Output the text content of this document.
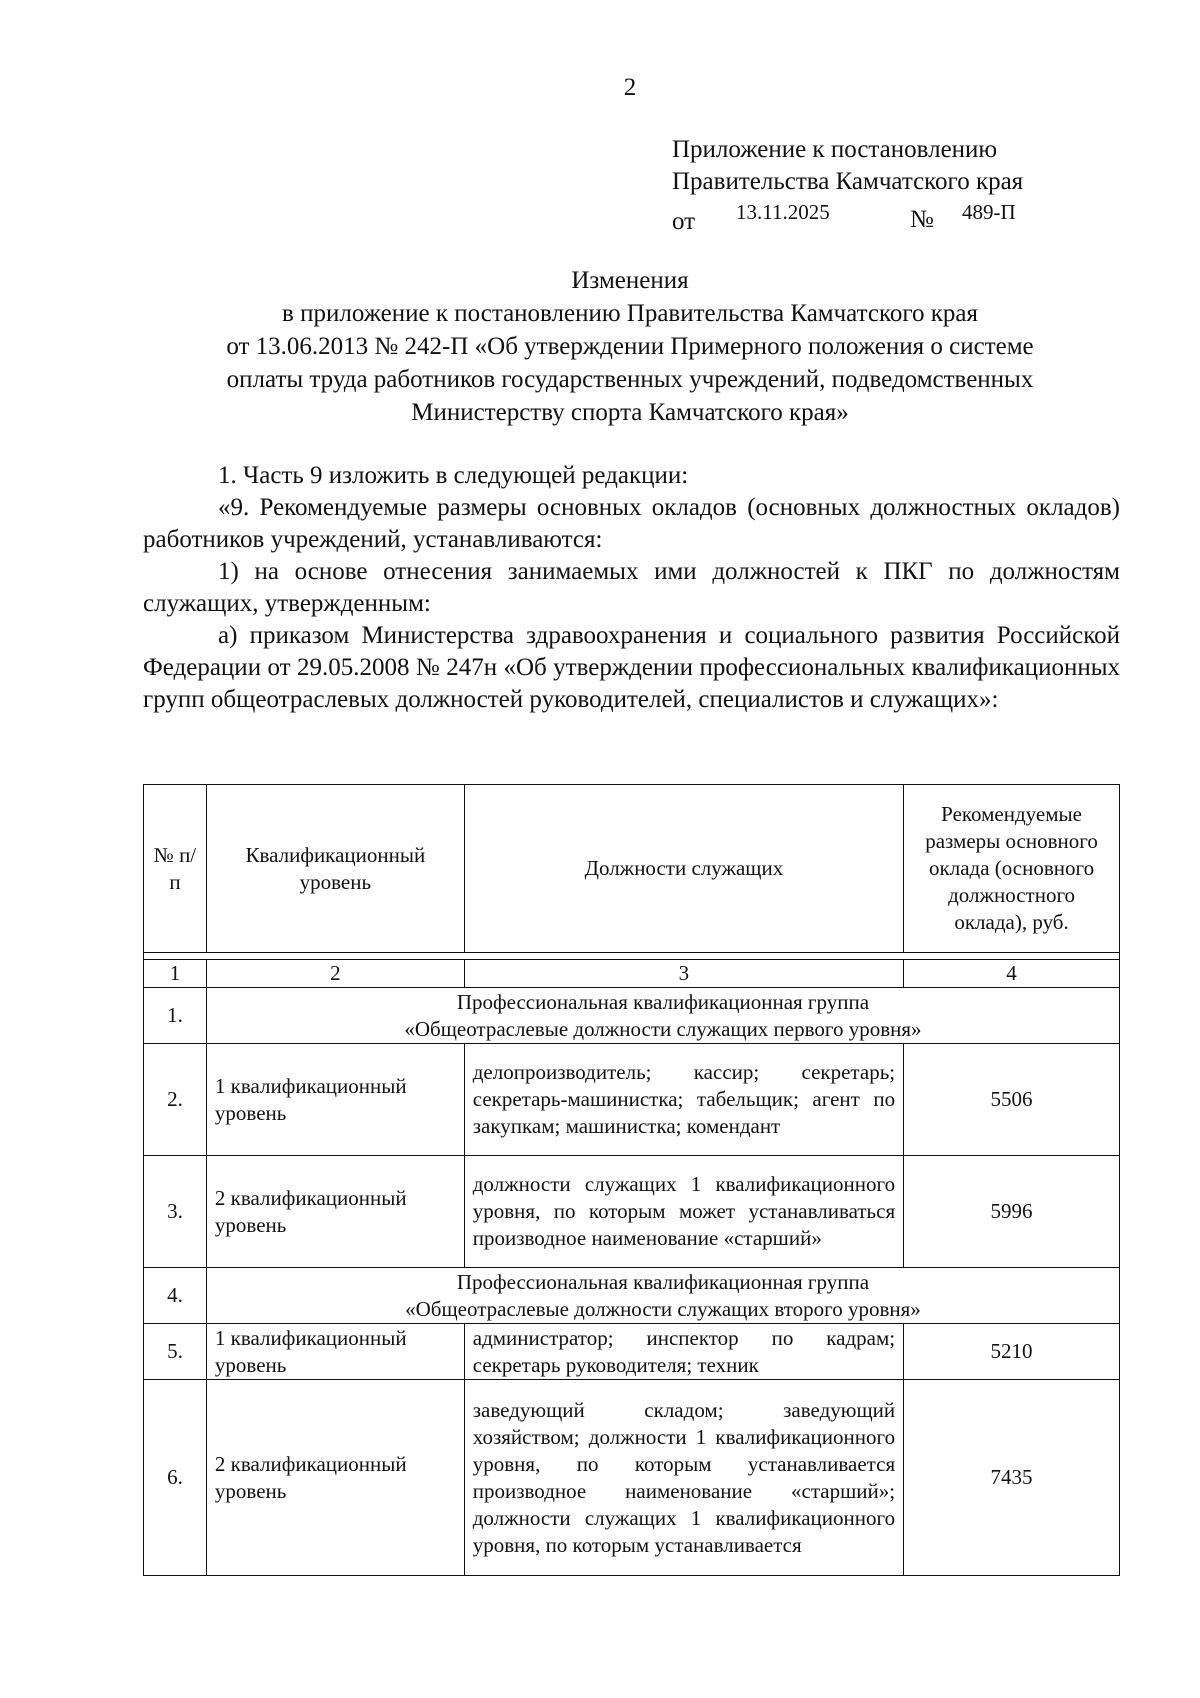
2
Приложение к постановлению
Правительства Камчатского края
от 13.11.2025	№ 489-П
Изменения
в приложение к постановлению Правительства Камчатского края
от 13.06.2013 № 242-П «Об утверждении Примерного положения о системе
оплаты труда работников государственных учреждений, подведомственных
Министерству спорта Камчатского края»

1. Часть 9 изложить в следующей редакции:

«9. Рекомендуемые размеры основных окладов (основных должностных окладов) работников учреждений, устанавливаются:

1) на основе отнесения занимаемых ими должностей к ПКГ по должностям служащих, утвержденным:

а) приказом Министерства здравоохранения и социального развития Российской Федерации от 29.05.2008 № 247н «Об утверждении профессиональных квалификационных групп общеотраслевых должностей руководителей, специалистов и служащих»:

№ п/п	Квалификационный уровень	Должности служащих	Рекомендуемые размеры основного оклада (основного должностного оклада), руб.

1	2	3	4
1.	Профессиональная квалификационная группа
«Общеотраслевые должности служащих первого уровня»		

2.	1 квалификационный уровень	делопроизводитель; кассир; секретарь; секретарь-машинистка; табельщик; агент по закупкам; машинистка; комендант	5506
3.	2 квалификационный уровень	должности служащих 1 квалификационного уровня, по которым может устанавливаться производное наименование «старший»	5996
4.	Профессиональная квалификационная группа
«Общеотраслевые должности служащих второго уровня»		

5.	1 квалификационный уровень	администратор; инспектор по кадрам; секретарь руководителя; техник	5210
6.	2 квалификационный уровень	заведующий складом; заведующий хозяйством; должности 1 квалификационного уровня, по которым устанавливается производное наименование «старший»; должности служащих 1 квалификационного уровня, по которым устанавливается	7435
